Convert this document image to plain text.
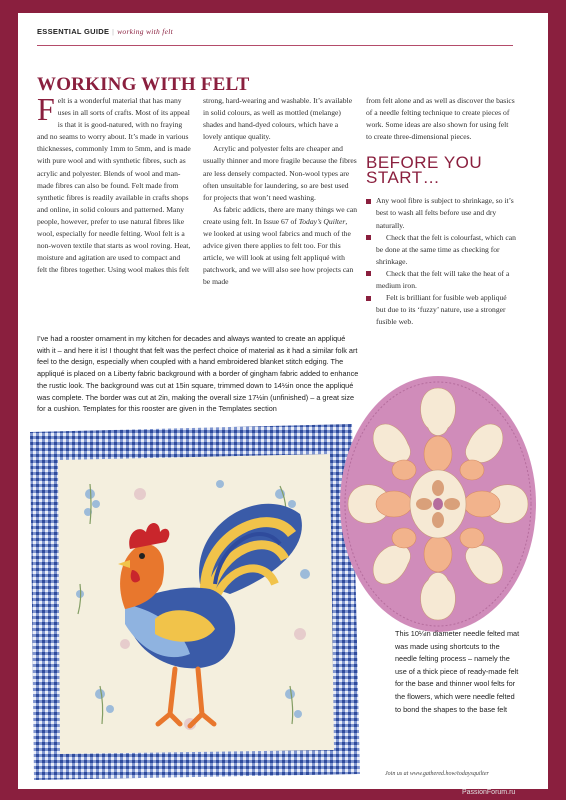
ESSENTIAL GUIDE | working with felt
WORKING WITH FELT

Felt is a wonderful material that has many uses in all sorts of crafts. Most of its appeal is that it is good-natured, with no fraying and no seams to worry about. It’s made in various thicknesses, commonly 1mm to 5mm, and is made with pure wool and with synthetic fibres, such as acrylic and polyester. Blends of wool and man-made fibres can also be found. Felt made from synthetic fibres is readily available in crafts shops and online, in solid colours and patterned. Many people, however, prefer to use natural fibres like wool, especially for needle felting. Wool felt is a non-woven textile that starts as wool roving. Heat, moisture and agitation are used to compact and felt the fibres together. Using wool makes this felt

strong, hard-wearing and washable. It’s available in solid colours, as well as mottled (melange) shades and hand-dyed colours, which have a lovely antique quality.

Acrylic and polyester felts are cheaper and usually thinner and more fragile because the fibres are less densely compacted. Non-wool types are often unsuitable for laundering, so are best used for projects that won’t need washing.

As fabric addicts, there are many things we can create using felt. In Issue 67 of Today’s Quilter, we looked at using wool fabrics and much of the advice given there applies to felt too. For this article, we will look at using felt appliqué with patchwork, and we will also see how projects can be made

from felt alone and as well as discover the basics of a needle felting technique to create pieces of work. Some ideas are also shown for using felt to create three-dimensional pieces.

BEFORE YOU START…

Any wool fibre is subject to shrinkage, so it’s best to wash all felts before use and dry naturally.

Check that the felt is colourfast, which can be done at the same time as checking for shrinkage.

Check that the felt will take the heat of a medium iron.

Felt is brilliant for fusible web appliqué but due to its ‘fuzzy’ nature, use a stronger fusible web.

I’ve had a rooster ornament in my kitchen for decades and always wanted to create an appliqué with it – and here it is! I thought that felt was the perfect choice of material as it had a similar folk art feel to the design, especially when coupled with a hand embroidered blanket stitch edging. The appliqué is placed on a Liberty fabric background with a border of gingham fabric added to enhance the rustic look. The background was cut at 15in square, trimmed down to 14½in once the appliqué was complete. The border was cut at 2in, making the overall size 17½in (unfinished) – a great size for a cushion. Templates for this rooster are given in the Templates section
This 10¼in diameter needle felted mat was made using shortcuts to the needle felting process – namely the use of a thick piece of ready-made felt for the base and thinner wool felts for the flowers, which were needle felted to bond the shapes to the base felt
Join us at www.gathered.how/todaysquilter
PassionForum.ru
